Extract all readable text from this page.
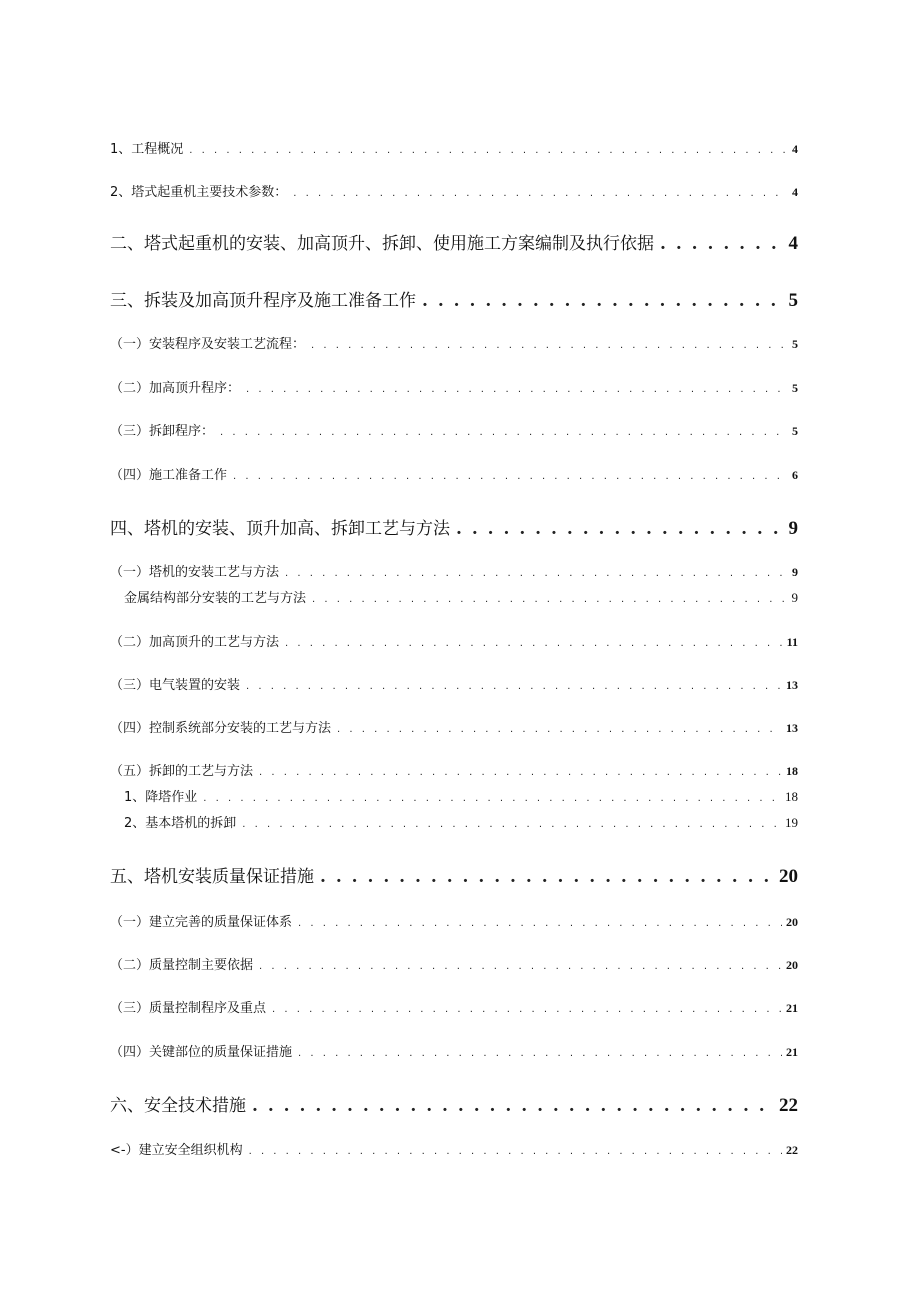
1、工程概况 . . .	4
2、塔式起重机主要技术参数： . . .	4
二、塔式起重机的安装、加高顶升、拆卸、使用施工方案编制及执行依据 . . .	4
三、拆装及加高顶升程序及施工准备工作 . . .	5
（一）安装程序及安装工艺流程： . . .	5
（二）加高顶升程序： . . .	5
（三）拆卸程序： . . .	5
（四）施工准备工作 . . .	6
四、塔机的安装、顶升加高、拆卸工艺与方法 . . .	9
（一）塔机的安装工艺与方法 . . .	9
金属结构部分安装的工艺与方法 . . .	9
（二）加高顶升的工艺与方法 . . .	11
（三）电气装置的安装 . . .	13
（四）控制系统部分安装的工艺与方法 . . .	13
（五）拆卸的工艺与方法 . . .	18
1、降塔作业 . . .	18
2、基本塔机的拆卸 . . .	19
五、塔机安装质量保证措施 . . .	20
（一）建立完善的质量保证体系 . . .	20
（二）质量控制主要依据 . . .	20
（三）质量控制程序及重点 . . .	21
（四）关键部位的质量保证措施 . . .	21
六、安全技术措施 . . .	22
<-）建立安全组织机构 . . .	22
